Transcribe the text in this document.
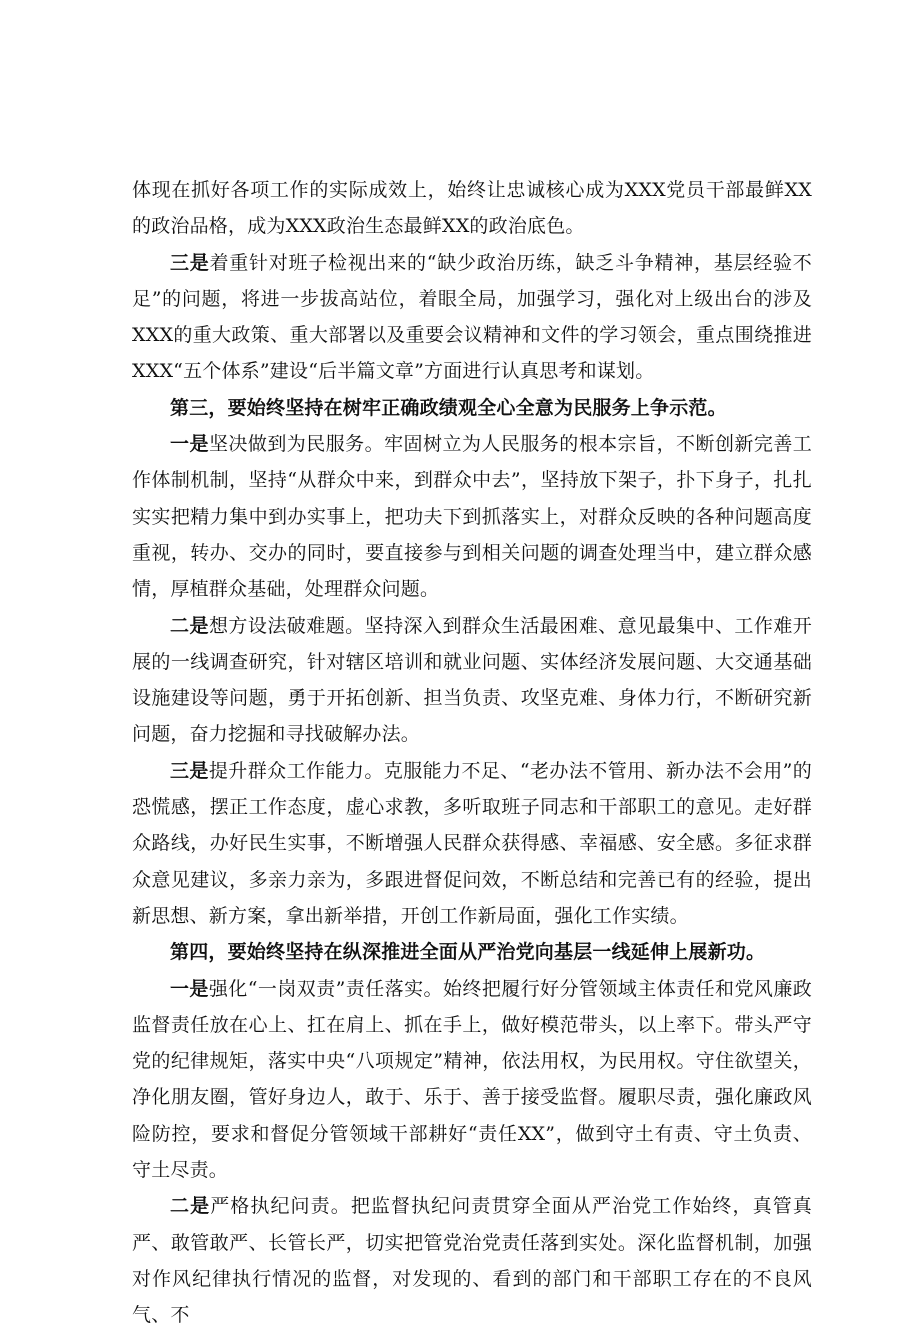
体现在抓好各项工作的实际成效上，始终让忠诚核心成为XXX党员干部最鲜XX的政治品格，成为XXX政治生态最鲜XX的政治底色。

三是着重针对班子检视出来的“缺少政治历练，缺乏斗争精神，基层经验不足”的问题，将进一步拔高站位，着眼全局，加强学习，强化对上级出台的涉及XXX的重大政策、重大部署以及重要会议精神和文件的学习领会，重点围绕推进XXX“五个体系”建设“后半篇文章”方面进行认真思考和谋划。

第三，要始终坚持在树牢正确政绩观全心全意为民服务上争示范。

一是坚决做到为民服务。牢固树立为人民服务的根本宗旨，不断创新完善工作体制机制，坚持“从群众中来，到群众中去”，坚持放下架子，扑下身子，扎扎实实把精力集中到办实事上，把功夫下到抓落实上，对群众反映的各种问题高度重视，转办、交办的同时，要直接参与到相关问题的调查处理当中，建立群众感情，厚植群众基础，处理群众问题。

二是想方设法破难题。坚持深入到群众生活最困难、意见最集中、工作难开展的一线调查研究，针对辖区培训和就业问题、实体经济发展问题、大交通基础设施建设等问题，勇于开拓创新、担当负责、攻坚克难、身体力行，不断研究新问题，奋力挖掘和寻找破解办法。

三是提升群众工作能力。克服能力不足、“老办法不管用、新办法不会用”的恐慌感，摆正工作态度，虚心求教，多听取班子同志和干部职工的意见。走好群众路线，办好民生实事，不断增强人民群众获得感、幸福感、安全感。多征求群众意见建议，多亲力亲为，多跟进督促问效，不断总结和完善已有的经验，提出新思想、新方案，拿出新举措，开创工作新局面，强化工作实绩。

第四，要始终坚持在纵深推进全面从严治党向基层一线延伸上展新功。

一是强化“一岗双责”责任落实。始终把履行好分管领域主体责任和党风廉政监督责任放在心上、扛在肩上、抓在手上，做好模范带头，以上率下。带头严守党的纪律规矩，落实中央“八项规定”精神，依法用权，为民用权。守住欲望关，净化朋友圈，管好身边人，敢于、乐于、善于接受监督。履职尽责，强化廉政风险防控，要求和督促分管领域干部耕好“责任XX”，做到守土有责、守土负责、守土尽责。

二是严格执纪问责。把监督执纪问责贯穿全面从严治党工作始终，真管真严、敢管敢严、长管长严，切实把管党治党责任落到实处。深化监督机制，加强对作风纪律执行情况的监督，对发现的、看到的部门和干部职工存在的不良风气、不
